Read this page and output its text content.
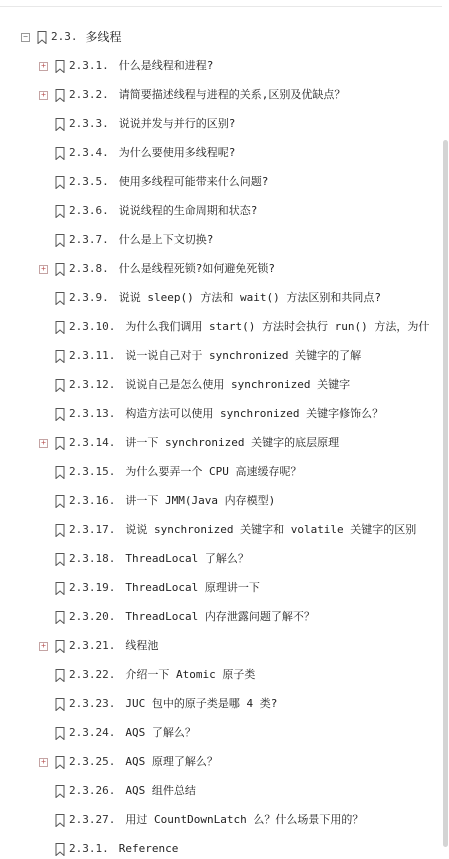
− 2.3. 多线程
+ 2.3.1. 什么是线程和进程?
+ 2.3.2. 请简要描述线程与进程的关系,区别及优缺点？
2.3.3. 说说并发与并行的区别?
2.3.4. 为什么要使用多线程呢?
2.3.5. 使用多线程可能带来什么问题?
2.3.6. 说说线程的生命周期和状态?
2.3.7. 什么是上下文切换?
+ 2.3.8. 什么是线程死锁?如何避免死锁?
2.3.9. 说说 sleep() 方法和 wait() 方法区别和共同点?
2.3.10. 为什么我们调用 start() 方法时会执行 run() 方法，为什
2.3.11. 说一说自己对于 synchronized 关键字的了解
2.3.12. 说说自己是怎么使用 synchronized 关键字
2.3.13. 构造方法可以使用 synchronized 关键字修饰么？
+ 2.3.14. 讲一下 synchronized 关键字的底层原理
2.3.15. 为什么要弄一个 CPU 高速缓存呢？
2.3.16. 讲一下 JMM(Java 内存模型)
2.3.17. 说说 synchronized 关键字和 volatile 关键字的区别
2.3.18. ThreadLocal 了解么？
2.3.19. ThreadLocal 原理讲一下
2.3.20. ThreadLocal 内存泄露问题了解不？
+ 2.3.21. 线程池
2.3.22. 介绍一下 Atomic 原子类
2.3.23. JUC 包中的原子类是哪 4 类?
2.3.24. AQS 了解么？
+ 2.3.25. AQS 原理了解么？
2.3.26. AQS 组件总结
2.3.27. 用过 CountDownLatch 么？什么场景下用的？
2.3.1. Reference
